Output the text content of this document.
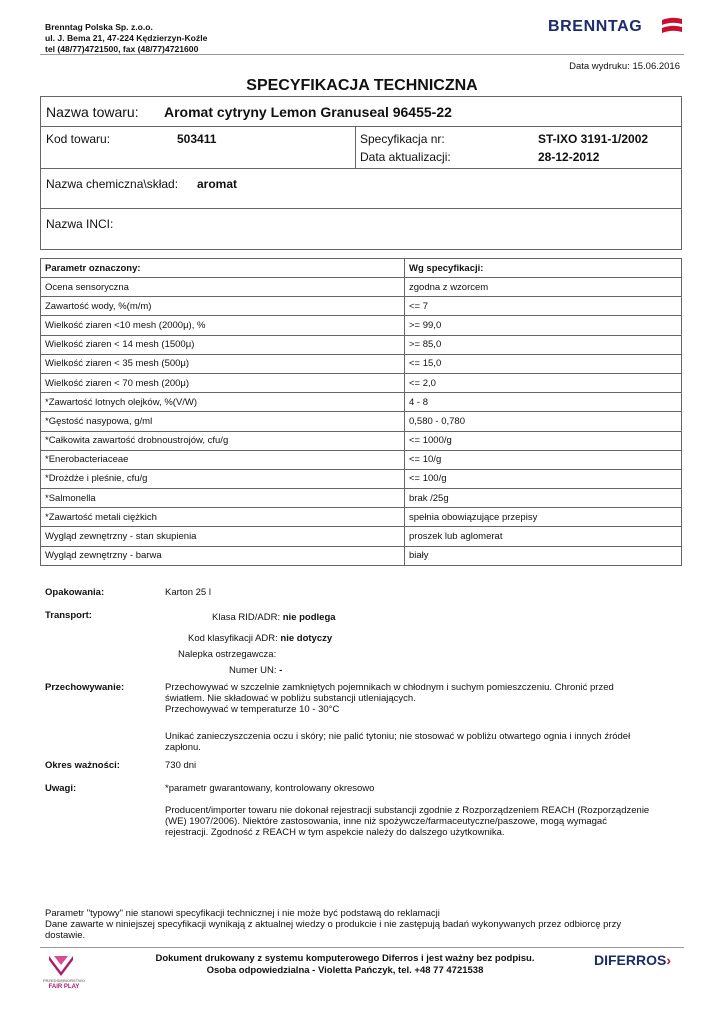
Brenntag Polska Sp. z.o.o.
ul. J. Bema 21, 47-224 Kędzierzyn-Koźle
tel (48/77)4721500, fax (48/77)4721600
BRENNTAG
Data wydruku: 15.06.2016
SPECYFIKACJA TECHNICZNA
Nazwa towaru: Aromat cytryny Lemon Granuseal 96455-22
Kod towaru:	503411	Specyfikacja nr:	ST-IXO 3191-1/2002
Data aktualizacji:	28-12-2012
Nazwa chemiczna\skład: aromat
Nazwa INCI:
Parametr oznaczony:	Wg specyfikacji:
Ocena sensoryczna	zgodna z wzorcem
Zawartość wody, %(m/m)	<= 7
Wielkość ziaren <10 mesh (2000μ), %	>= 99,0
Wielkość ziaren < 14 mesh (1500μ)	>= 85,0
Wielkość ziaren < 35 mesh (500μ)	<= 15,0
Wielkość ziaren < 70 mesh (200μ)	<= 2,0
*Zawartość lotnych olejków, %(V/W)	4 - 8
*Gęstość nasypowa, g/ml	0,580 - 0,780
*Całkowita zawartość drobnoustrojów, cfu/g	<= 1000/g
*Enerobacteriaceae	<= 10/g
*Drożdże i pleśnie, cfu/g	<= 100/g
*Salmonella	brak /25g
*Zawartość metali ciężkich	spełnia obowiązujące przepisy
Wygląd zewnętrzny - stan skupienia	proszek lub aglomerat
Wygląd zewnętrzny - barwa	biały
Opakowania:	Karton 25 l
Transport:	Klasa RID/ADR: nie podlega
Kod klasyfikacji ADR: nie dotyczy
Nalepka ostrzegawcza:
Numer UN: -
Przechowywanie:	Przechowywać w szczelnie zamkniętych pojemnikach w chłodnym i suchym pomieszczeniu. Chronić przed
światłem. Nie składować w pobliżu substancji utleniających.
Przechowywać w temperaturze 10 - 30°C
Unikać zanieczyszczenia oczu i skóry; nie palić tytoniu; nie stosować w pobliżu otwartego ognia i innych źródeł
zapłonu.
Okres ważności:	730 dni
Uwagi:	*parametr gwarantowany, kontrolowany okresowo
Producent/importer towaru nie dokonał rejestracji substancji zgodnie z Rozporządzeniem REACH (Rozporządzenie
(WE) 1907/2006). Niektóre zastosowania, inne niż spożywcze/farmaceutyczne/paszowe, mogą wymagać
rejestracji. Zgodność z REACH w tym aspekcie należy do dalszego użytkownika.
Parametr "typowy" nie stanowi specyfikacji technicznej i nie może być podstawą do reklamacji
Dane zawarte w niniejszej specyfikacji wynikają z aktualnej wiedzy o produkcie i nie zastępują badań wykonywanych przez odbiorcę przy
dostawie.
PRZEDSIĘBIORSTWO
FAIR PLAY
Dokument drukowany z systemu komputerowego Diferros i jest ważny bez podpisu.
Osoba odpowiedzialna - Violetta Pańczyk, tel. +48 77 4721538
DIFERROS›
